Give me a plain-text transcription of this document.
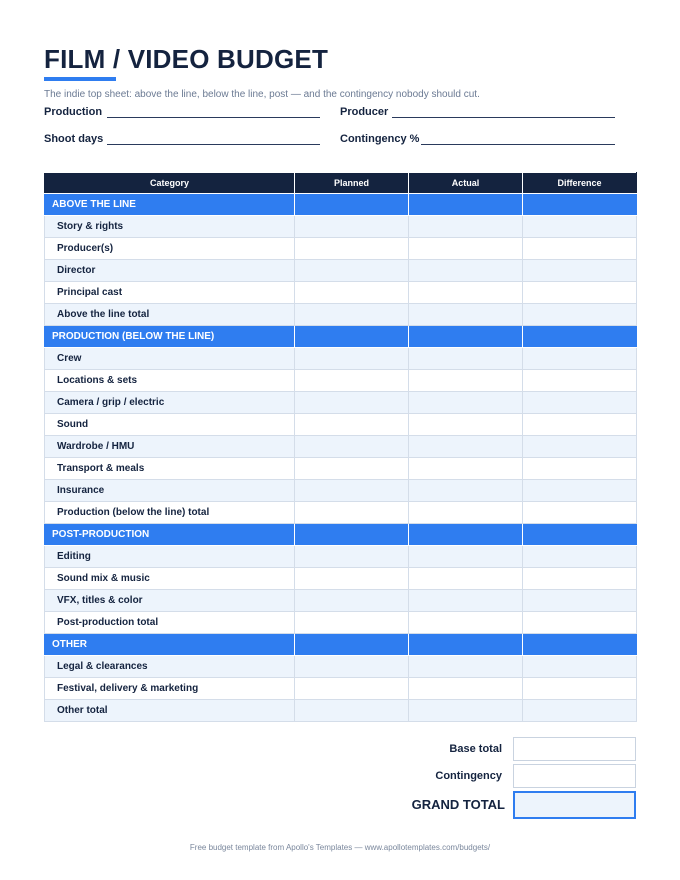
FILM / VIDEO BUDGET
The indie top sheet: above the line, below the line, post — and the contingency nobody should cut.
Production	Producer
Shoot days	Contingency %
Category	Planned	Actual	Difference
ABOVE THE LINE			
Story & rights			
Producer(s)			
Director			
Principal cast			
Above the line total			
PRODUCTION (BELOW THE LINE)			
Crew			
Locations & sets			
Camera / grip / electric			
Sound			
Wardrobe / HMU			
Transport & meals			
Insurance			
Production (below the line) total			
POST-PRODUCTION			
Editing			
Sound mix & music			
VFX, titles & color			
Post-production total			
OTHER			
Legal & clearances			
Festival, delivery & marketing			
Other total			
Base total
Contingency
GRAND TOTAL
Free budget template from Apollo's Templates — www.apollotemplates.com/budgets/
